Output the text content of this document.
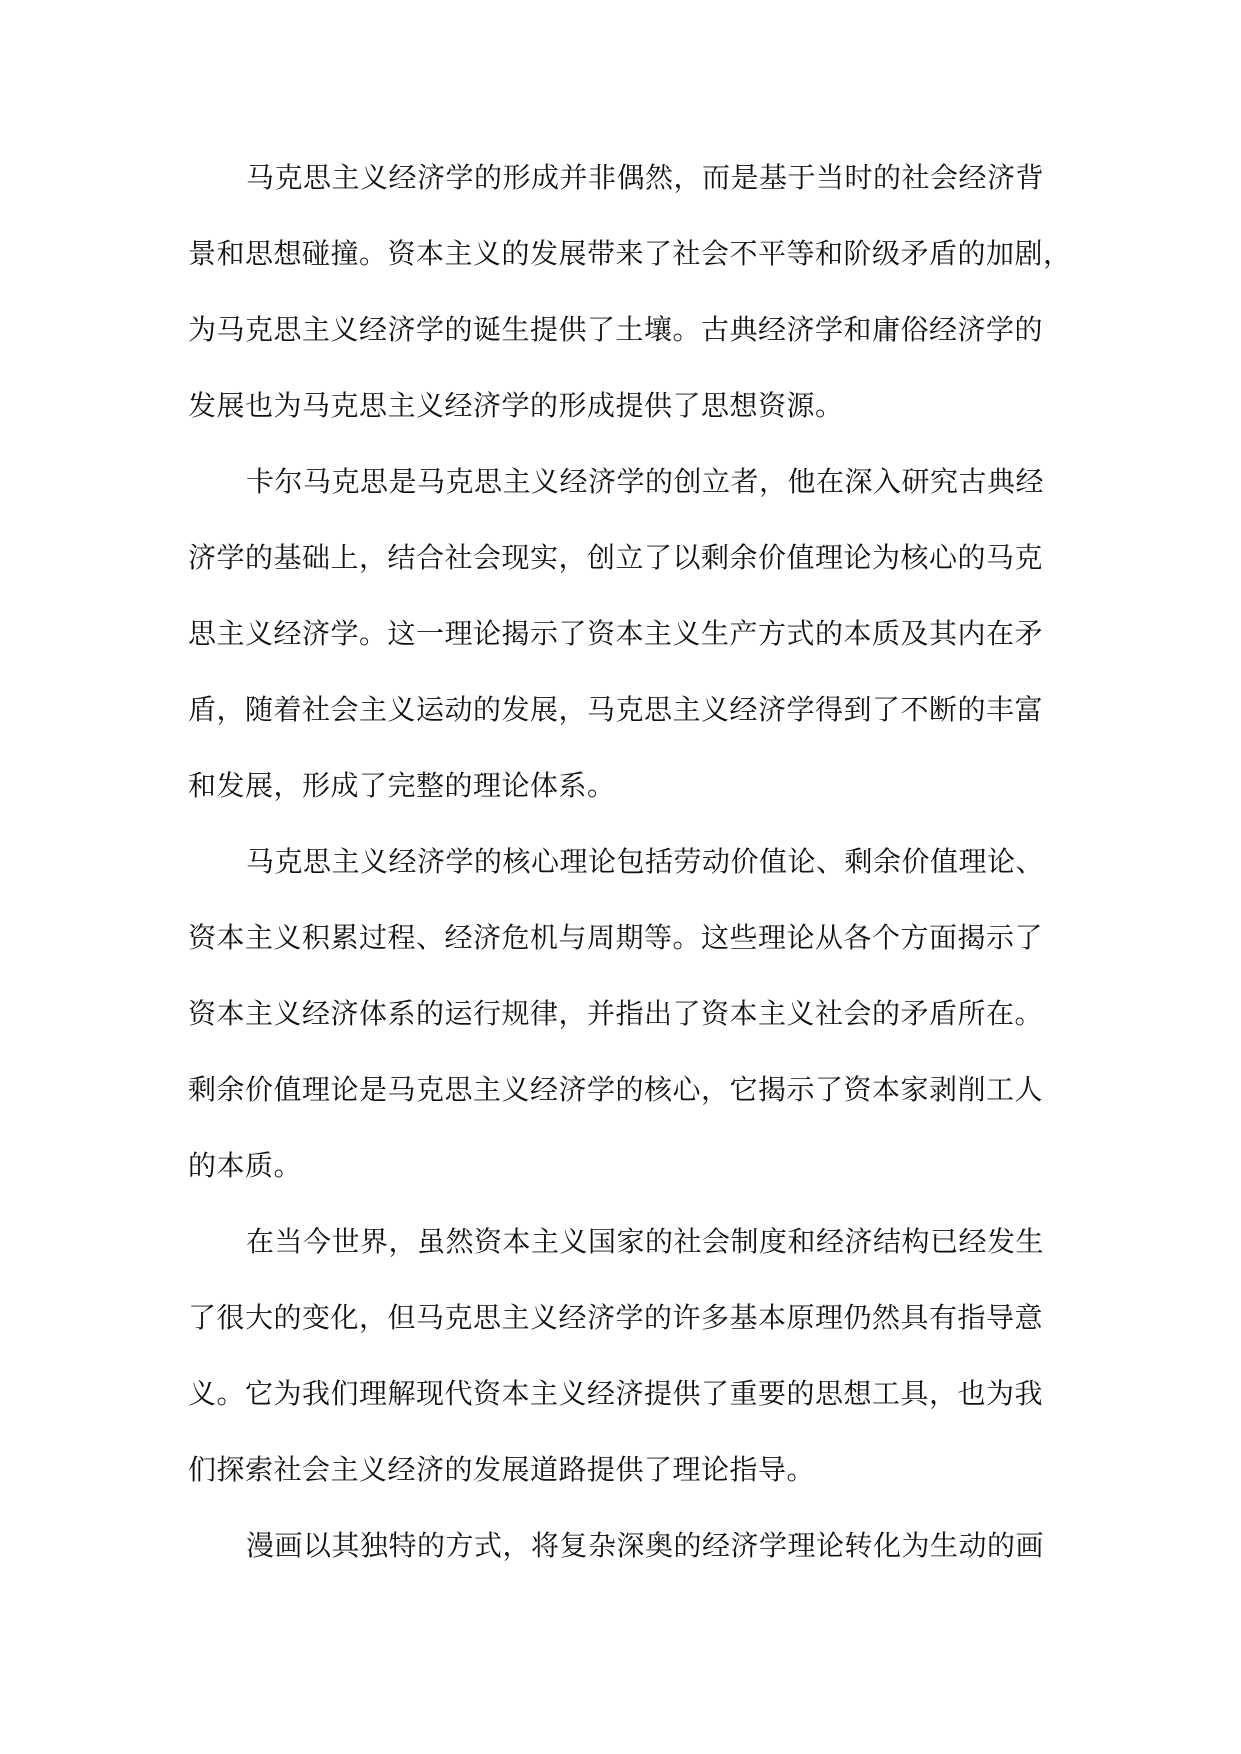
马克思主义经济学的形成并非偶然，而是基于当时的社会经济背
景和思想碰撞。资本主义的发展带来了社会不平等和阶级矛盾的加剧，
为马克思主义经济学的诞生提供了土壤。古典经济学和庸俗经济学的
发展也为马克思主义经济学的形成提供了思想资源。
卡尔马克思是马克思主义经济学的创立者，他在深入研究古典经
济学的基础上，结合社会现实，创立了以剩余价值理论为核心的马克
思主义经济学。这一理论揭示了资本主义生产方式的本质及其内在矛
盾，随着社会主义运动的发展，马克思主义经济学得到了不断的丰富
和发展，形成了完整的理论体系。
马克思主义经济学的核心理论包括劳动价值论、剩余价值理论、
资本主义积累过程、经济危机与周期等。这些理论从各个方面揭示了
资本主义经济体系的运行规律，并指出了资本主义社会的矛盾所在。
剩余价值理论是马克思主义经济学的核心，它揭示了资本家剥削工人
的本质。
在当今世界，虽然资本主义国家的社会制度和经济结构已经发生
了很大的变化，但马克思主义经济学的许多基本原理仍然具有指导意
义。它为我们理解现代资本主义经济提供了重要的思想工具，也为我
们探索社会主义经济的发展道路提供了理论指导。
漫画以其独特的方式，将复杂深奥的经济学理论转化为生动的画
